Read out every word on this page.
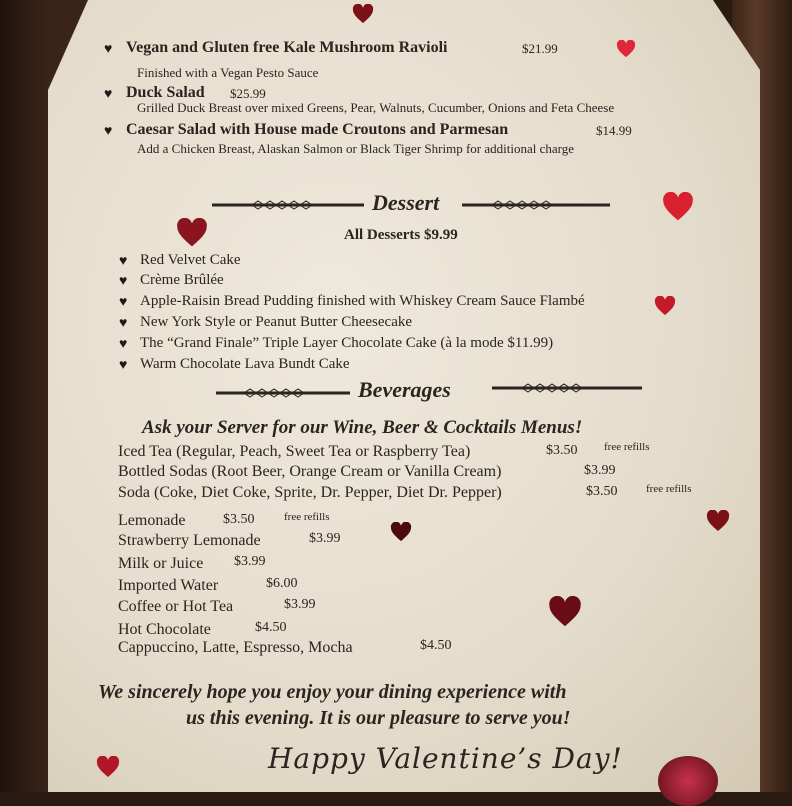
♥ Vegan and Gluten free Kale Mushroom Ravioli	$21.99
Finished with a Vegan Pesto Sauce
♥ Duck Salad $25.99
Grilled Duck Breast over mixed Greens, Pear, Walnuts, Cucumber, Onions and Feta Cheese
♥ Caesar Salad with House made Croutons and Parmesan	$14.99
Add a Chicken Breast, Alaskan Salmon or Black Tiger Shrimp for additional charge
Dessert
All Desserts $9.99
♥ Red Velvet Cake
♥ Crème Brûlée
♥ Apple-Raisin Bread Pudding finished with Whiskey Cream Sauce Flambé
♥ New York Style or Peanut Butter Cheesecake
♥ The “Grand Finale” Triple Layer Chocolate Cake (à la mode $11.99)
♥ Warm Chocolate Lava Bundt Cake
Beverages
Ask your Server for our Wine, Beer & Cocktails Menus!
Iced Tea (Regular, Peach, Sweet Tea or Raspberry Tea)	$3.50 free refills
Bottled Sodas (Root Beer, Orange Cream or Vanilla Cream)	$3.99
Soda (Coke, Diet Coke, Sprite, Dr. Pepper, Diet Dr. Pepper)	$3.50	free refills
Lemonade	$3.50	free refills
Strawberry Lemonade	$3.99
Milk or Juice $3.99
Imported Water	$6.00
Coffee or Hot Tea	$3.99
Hot Chocolate	$4.50
Cappuccino, Latte, Espresso, Mocha	$4.50
We sincerely hope you enjoy your dining experience with
us this evening. It is our pleasure to serve you!
Happy Valentine’s Day!
